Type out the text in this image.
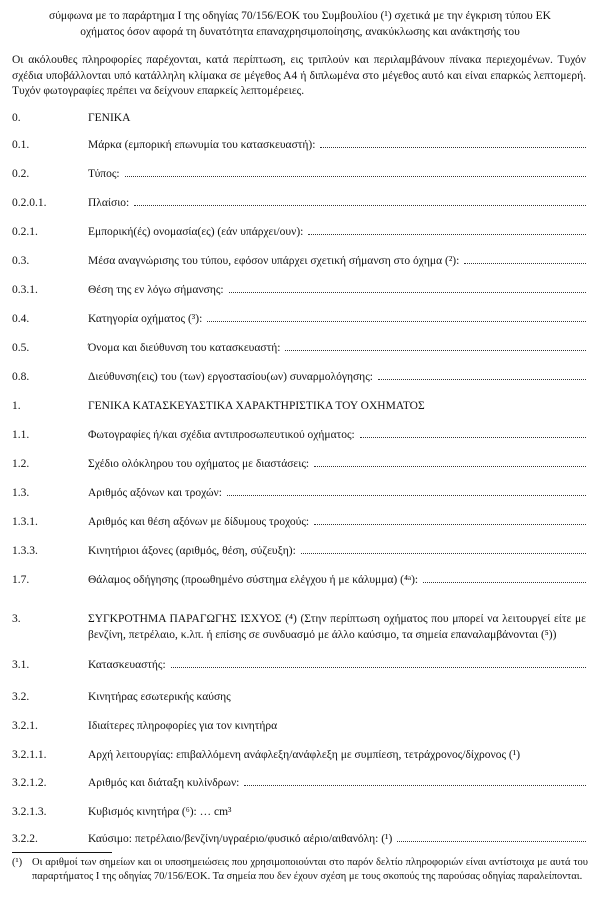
σύμφωνα με το παράρτημα I της οδηγίας 70/156/ΕΟΚ του Συμβουλίου (¹) σχετικά με την έγκριση τύπου ΕΚ
οχήματος όσον αφορά τη δυνατότητα επαναχρησιμοποίησης, ανακύκλωσης και ανάκτησής του
Οι ακόλουθες πληροφορίες παρέχονται, κατά περίπτωση, εις τριπλούν και περιλαμβάνουν πίνακα περιεχομένων. Τυχόν σχέδια υποβάλλονται υπό κατάλληλη κλίμακα σε μέγεθος Α4 ή διπλωμένα στο μέγεθος αυτό και είναι επαρκώς λεπτομερή. Τυχόν φωτογραφίες πρέπει να δείχνουν επαρκείς λεπτομέρειες.
0.	ΓΕΝΙΚΑ
0.1.	Μάρκα (εμπορική επωνυμία του κατασκευαστή):
0.2.	Τύπος:
0.2.0.1.	Πλαίσιο:
0.2.1.	Εμπορική(ές) ονομασία(ες) (εάν υπάρχει/ουν):
0.3.	Μέσα αναγνώρισης του τύπου, εφόσον υπάρχει σχετική σήμανση στο όχημα (²):
0.3.1.	Θέση της εν λόγω σήμανσης:
0.4.	Κατηγορία οχήματος (³):
0.5.	Όνομα και διεύθυνση του κατασκευαστή:
0.8.	Διεύθυνση(εις) του (των) εργοστασίου(ων) συναρμολόγησης:
1.	ΓΕΝΙΚΑ ΚΑΤΑΣΚΕΥΑΣΤΙΚΑ ΧΑΡΑΚΤΗΡΙΣΤΙΚΑ ΤΟΥ ΟΧΗΜΑΤΟΣ
1.1.	Φωτογραφίες ή/και σχέδια αντιπροσωπευτικού οχήματος:
1.2.	Σχέδιο ολόκληρου του οχήματος με διαστάσεις:
1.3.	Αριθμός αξόνων και τροχών:
1.3.1.	Αριθμός και θέση αξόνων με δίδυμους τροχούς:
1.3.3.	Κινητήριοι άξονες (αριθμός, θέση, σύζευξη):
1.7.	Θάλαμος οδήγησης (προωθημένο σύστημα ελέγχου ή με κάλυμμα) (⁴ᵃ):
3.	ΣΥΓΚΡΟΤΗΜΑ ΠΑΡΑΓΩΓΗΣ ΙΣΧΥΟΣ (⁴) (Στην περίπτωση οχήματος που μπορεί να λειτουργεί είτε με βενζίνη, πετρέλαιο, κ.λπ. ή επίσης σε συνδυασμό με άλλο καύσιμο, τα σημεία επαναλαμβάνονται (⁵))
3.1.	Κατασκευαστής:
3.2.	Κινητήρας εσωτερικής καύσης
3.2.1.	Ιδιαίτερες πληροφορίες για τον κινητήρα
3.2.1.1.	Αρχή λειτουργίας: επιβαλλόμενη ανάφλεξη/ανάφλεξη με συμπίεση, τετράχρονος/δίχρονος (¹)
3.2.1.2.	Αριθμός και διάταξη κυλίνδρων:
3.2.1.3.	Κυβισμός κινητήρα (⁶): … cm³
3.2.2.	Καύσιμο: πετρέλαιο/βενζίνη/υγραέριο/φυσικό αέριο/αιθανόλη: (¹)
(¹) Οι αριθμοί των σημείων και οι υποσημειώσεις που χρησιμοποιούνται στο παρόν δελτίο πληροφοριών είναι αντίστοιχα με αυτά του παραρτήματος I της οδηγίας 70/156/ΕΟΚ. Τα σημεία που δεν έχουν σχέση με τους σκοπούς της παρούσας οδηγίας παραλείπονται.
